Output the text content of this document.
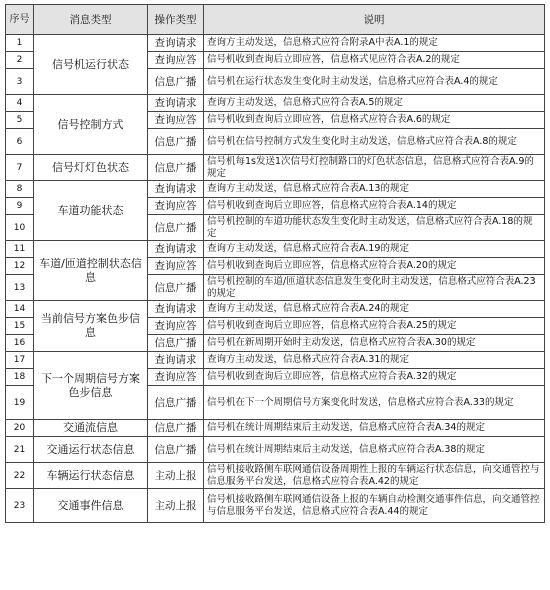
序号	消息类型	操作类型	说明
1	信号机运行状态	查询请求	查询方主动发送，信息格式应符合附录A中表A.1的规定
2		查询应答	信号机收到查询后立即应答，信息格式见应符合表A.2的规定
3		信息广播	信号机在运行状态发生变化时主动发送，信息格式应符合表A.4的规定
4	信号控制方式	查询请求	查询方主动发送，信息格式应符合表A.5的规定
5		查询应答	信号机收到查询后立即应答，信息格式应符合表A.6的规定
6		信息广播	信号机在信号控制方式发生变化时主动发送，信息格式应符合表A.8的规定
7	信号灯灯色状态	信息广播	信号机每1s发送1次信号灯控制路口的灯色状态信息，信息格式应符合表A.9的规定
8	车道功能状态	查询请求	查询方主动发送，信息格式应符合表A.13的规定
9		查询应答	信号机收到查询后立即应答，信息格式应符合表A.14的规定
10		信息广播	信号机控制的车道功能状态发生变化时主动发送，信息格式应符合表A.18的规定
11	车道/匝道控制状态信息	查询请求	查询方主动发送，信息格式应符合表A.19的规定
12		查询应答	信号机收到查询后立即应答，信息格式应符合表A.20的规定
13		信息广播	信号机控制的车道/匝道状态信息发生变化时主动发送，信息格式应符合表A.23的规定
14	当前信号方案色步信息	查询请求	查询方主动发送，信息格式应符合表A.24的规定
15		查询应答	信号机收到查询后立即应答，信息格式应符合表A.25的规定
16		信息广播	信号机在新周期开始时主动发送，信息格式应符合表A.30的规定
17	下一个周期信号方案色步信息	查询请求	查询方主动发送，信息格式应符合表A.31的规定
18		查询应答	信号机收到查询后立即应答，信息格式应符合表A.32的规定
19		信息广播	信号机在下一个周期信号方案变化时发送，信息格式应符合表A.33的规定
20	交通流信息	信息广播	信号机在统计周期结束后主动发送，信息格式应符合表A.34的规定
21	交通运行状态信息	信息广播	信号机在统计周期结束后主动发送，信息格式应符合表A.38的规定
22	车辆运行状态信息	主动上报	信号机接收路侧车联网通信设备周期性上报的车辆运行状态信息，向交通管控与信息服务平台发送，信息格式应符合表A.42的规定
23	交通事件信息	主动上报	信号机接收路侧车联网通信设备上报的车辆自动检测交通事件信息，向交通管控与信息服务平台发送，信息格式应符合表A.44的规定
